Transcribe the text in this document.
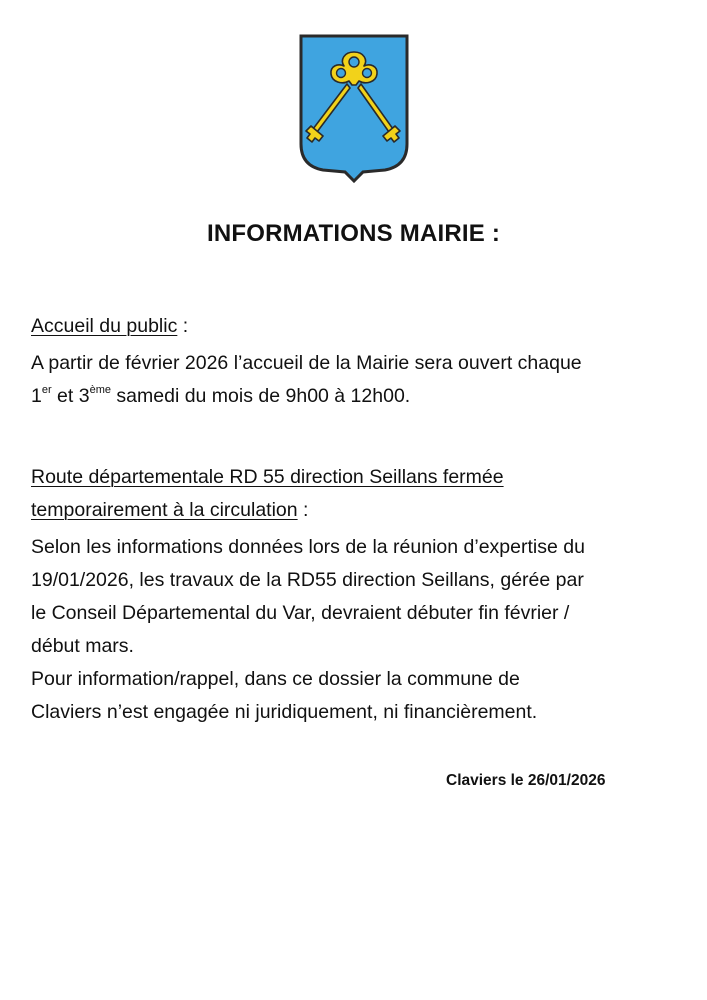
INFORMATIONS MAIRIE :
Accueil du public :
A partir de février 2026 l’accueil de la Mairie sera ouvert chaque
1er et 3ème samedi du mois de 9h00 à 12h00.
Route départementale RD 55 direction Seillans fermée
temporairement à la circulation :
Selon les informations données lors de la réunion d’expertise du
19/01/2026, les travaux de la RD55 direction Seillans, gérée par
le Conseil Départemental du Var, devraient débuter fin février /
début mars.
Pour information/rappel, dans ce dossier la commune de
Claviers n’est engagée ni juridiquement, ni financièrement.
Claviers le 26/01/2026
